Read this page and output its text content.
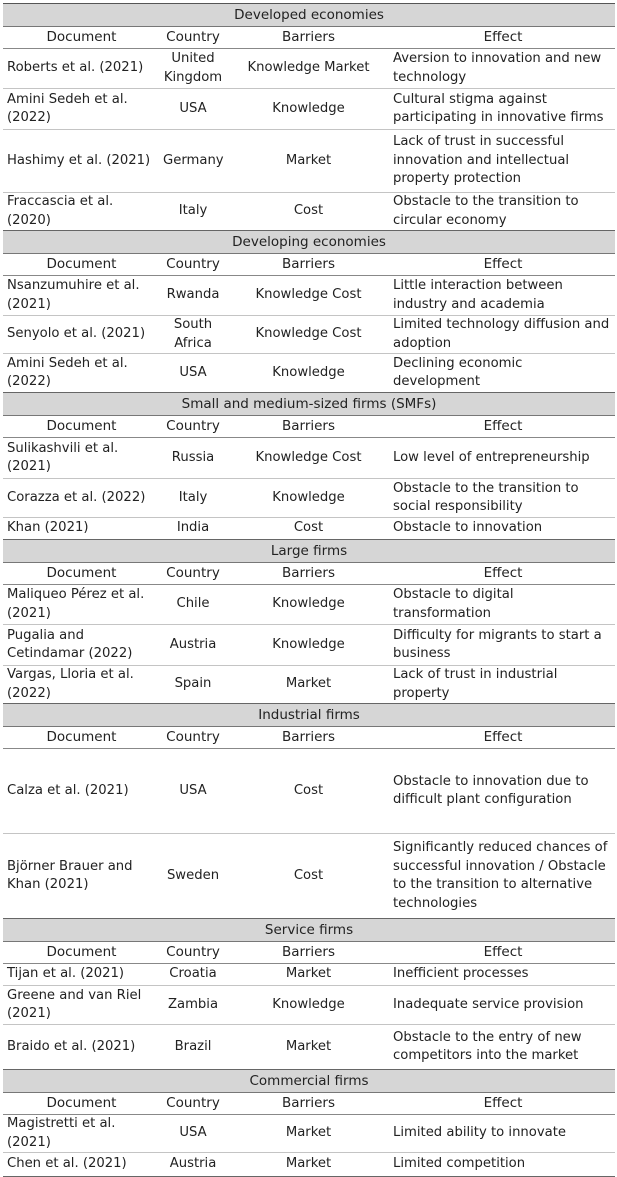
Developed economies			
Document	Country	Barriers	Effect
Roberts et al. (2021)	United Kingdom	Knowledge Market	Aversion to innovation and new technology
Amini Sedeh et al. (2022)	USA	Knowledge	Cultural stigma against participating in innovative firms
Hashimy et al. (2021)	Germany	Market	Lack of trust in successful innovation and intellectual property protection
Fraccascia et al. (2020)	Italy	Cost	Obstacle to the transition to circular economy
Developing economies			
Document	Country	Barriers	Effect
Nsanzumuhire et al. (2021)	Rwanda	Knowledge Cost	Little interaction between industry and academia
Senyolo et al. (2021)	South Africa	Knowledge Cost	Limited technology diffusion and adoption
Amini Sedeh et al. (2022)	USA	Knowledge	Declining economic development
Small and medium-sized firms (SMFs)			
Document	Country	Barriers	Effect
Sulikashvili et al. (2021)	Russia	Knowledge Cost	Low level of entrepreneurship
Corazza et al. (2022)	Italy	Knowledge	Obstacle to the transition to social responsibility
Khan (2021)	India	Cost	Obstacle to innovation
Large firms			
Document	Country	Barriers	Effect
Maliqueo Pérez et al. (2021)	Chile	Knowledge	Obstacle to digital transformation
Pugalia and Cetindamar (2022)	Austria	Knowledge	Difficulty for migrants to start a business
Vargas, Lloria et al. (2022)	Spain	Market	Lack of trust in industrial property
Industrial firms			
Document	Country	Barriers	Effect
Calza et al. (2021)	USA	Cost	Obstacle to innovation due to difficult plant configuration
Björner Brauer and Khan (2021)	Sweden	Cost	Significantly reduced chances of successful innovation / Obstacle to the transition to alternative technologies
Service firms			
Document	Country	Barriers	Effect
Tijan et al. (2021)	Croatia	Market	Inefficient processes
Greene and van Riel (2021)	Zambia	Knowledge	Inadequate service provision
Braido et al. (2021)	Brazil	Market	Obstacle to the entry of new competitors into the market
Commercial firms			
Document	Country	Barriers	Effect
Magistretti et al. (2021)	USA	Market	Limited ability to innovate
Chen et al. (2021)	Austria	Market	Limited competition
